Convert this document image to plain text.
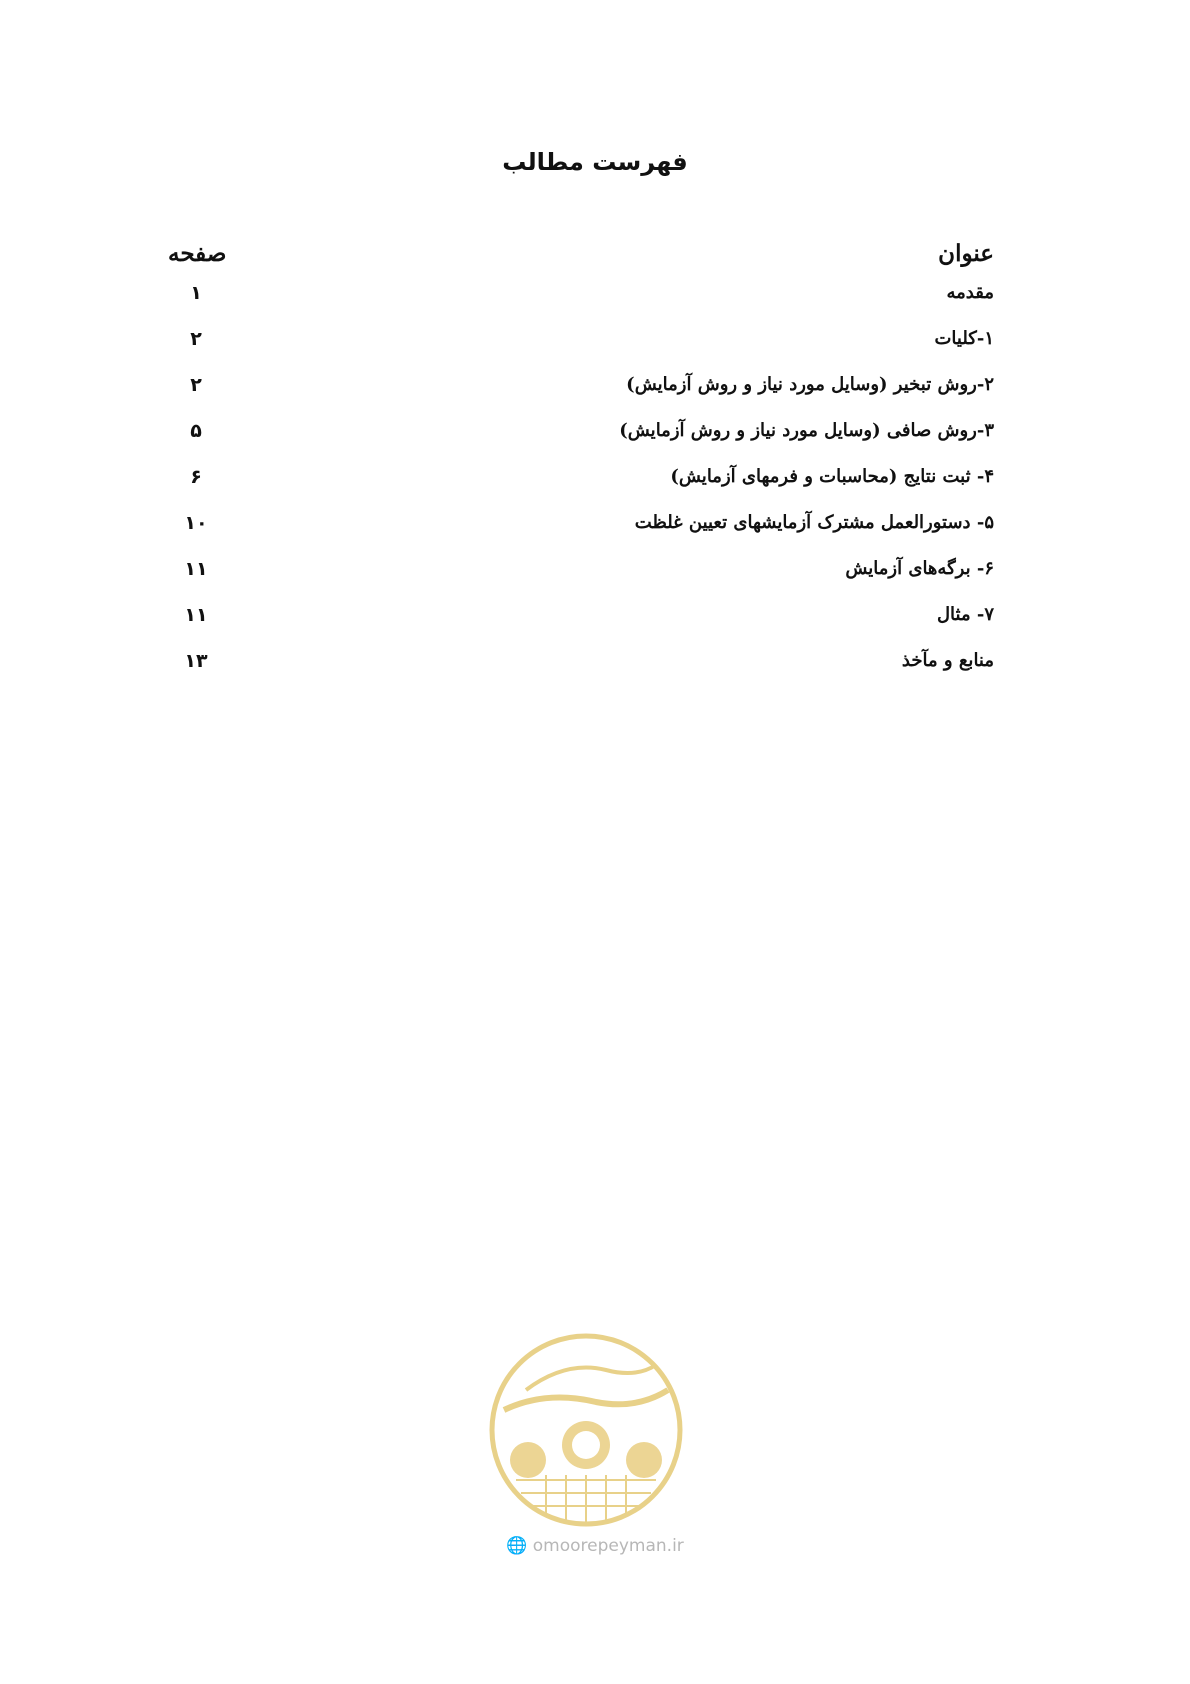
فهرست مطالب
عنوان
صفحه
مقدمه
۱
۱-کلیات
۲
۲-روش تبخیر (وسایل مورد نیاز و روش آزمایش)
۲
۳-روش صافی (وسایل مورد نیاز و روش آزمایش)
۵
۴- ثبت نتایج (محاسبات و فرمهای آزمایش)
۶
۵- دستورالعمل مشترک آزمایشهای تعیین غلظت
۱۰
۶- برگه‌های آزمایش
۱۱
۷- مثال
۱۱
منابع و مآخذ
۱۳
🌐 omoorepeyman.ir
